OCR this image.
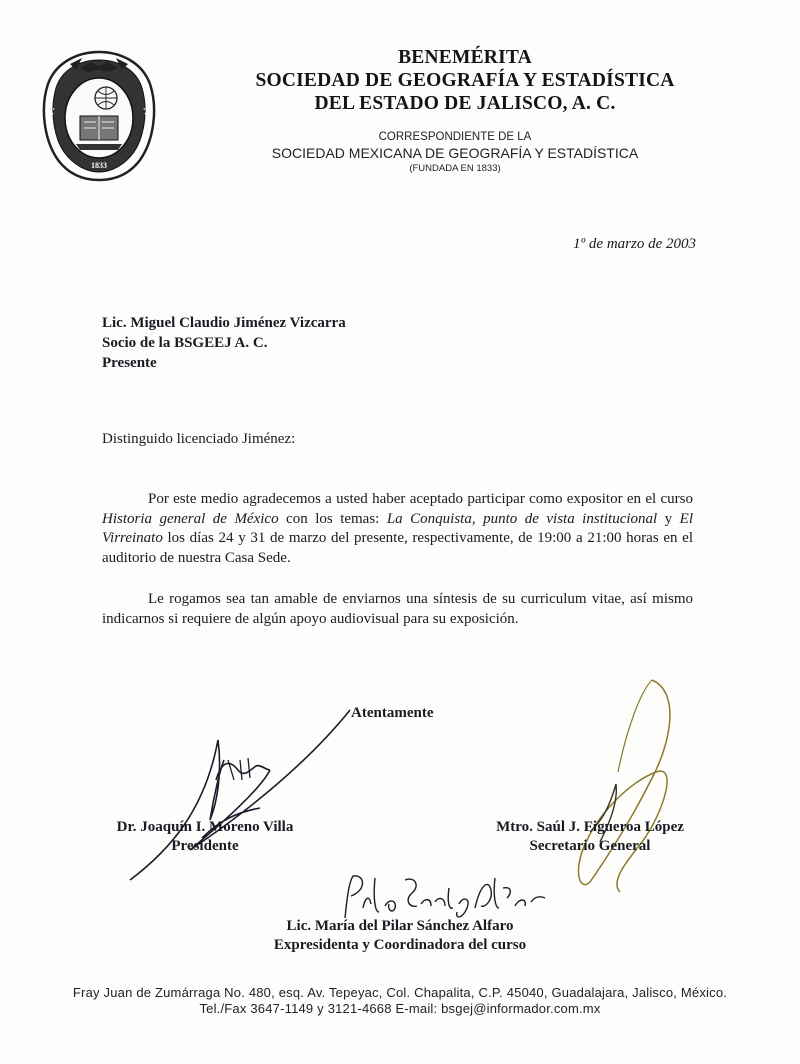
1833
BENEMÉRITA
SOCIEDAD DE GEOGRAFÍA Y ESTADÍSTICA
DEL ESTADO DE JALISCO, A. C.
CORRESPONDIENTE DE LA
SOCIEDAD MEXICANA DE GEOGRAFÍA Y ESTADÍSTICA
(FUNDADA EN 1833)
1º de marzo de 2003
Lic. Miguel Claudio Jiménez Vizcarra
Socio de la BSGEEJ A. C.
Presente
Distinguido licenciado Jiménez:
Por este medio agradecemos a usted haber aceptado participar como expositor en el curso Historia general de México con los temas: La Conquista, punto de vista institucional y El Virreinato los días 24 y 31 de marzo del presente, respectivamente, de 19:00 a 21:00 horas en el auditorio de nuestra Casa Sede.
Le rogamos sea tan amable de enviarnos una síntesis de su curriculum vitae, así mismo indicarnos si requiere de algún apoyo audiovisual para su exposición.
Atentamente
Dr. Joaquín I. Moreno Villa
Presidente
Mtro. Saúl J. Figueroa López
Secretario General
Lic. María del Pilar Sánchez Alfaro
Expresidenta y Coordinadora del curso
Fray Juan de Zumárraga No. 480, esq. Av. Tepeyac, Col. Chapalita, C.P. 45040, Guadalajara, Jalisco, México.
Tel./Fax 3647-1149 y 3121-4668 E-mail: bsgej@informador.com.mx
